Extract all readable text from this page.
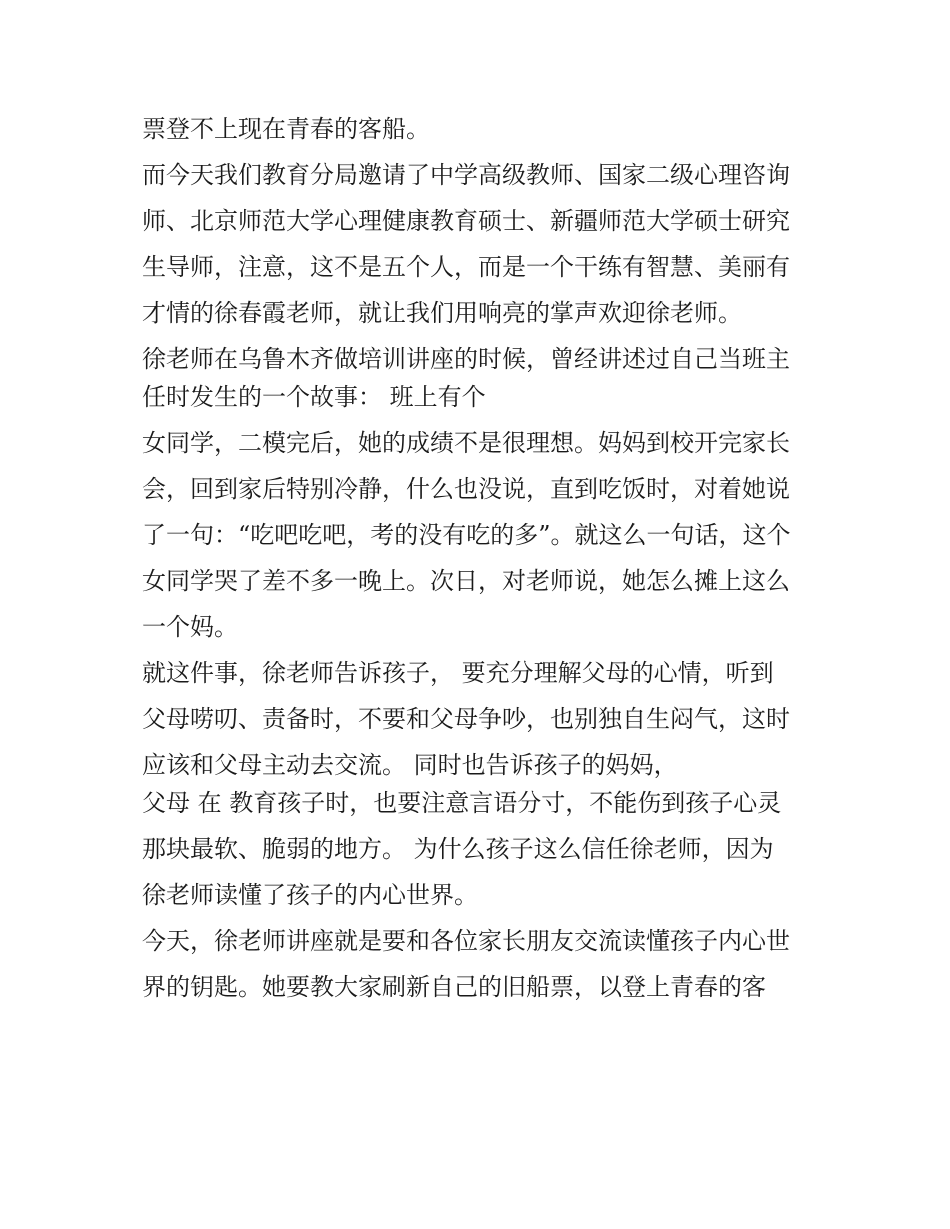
票登不上现在青春的客船。

而今天我们教育分局邀请了中学高级教师、国家二级心理咨询

师、北京师范大学心理健康教育硕士、新疆师范大学硕士研究

生导师，注意，这不是五个人，而是一个干练有智慧、美丽有

才情的徐春霞老师，就让我们用响亮的掌声欢迎徐老师。

徐老师在乌鲁木齐做培训讲座的时候，曾经讲述过自己当班主

任时发生的一个故事： 班上有个

女同学，二模完后，她的成绩不是很理想。妈妈到校开完家长

会，回到家后特别冷静，什么也没说，直到吃饭时，对着她说

了一句：“吃吧吃吧，考的没有吃的多”。就这么一句话，这个

女同学哭了差不多一晚上。次日，对老师说，她怎么摊上这么

一个妈。

就这件事，徐老师告诉孩子， 要充分理解父母的心情，听到

父母唠叨、责备时，不要和父母争吵，也别独自生闷气，这时

应该和父母主动去交流。 同时也告诉孩子的妈妈，

父母 在 教育孩子时，也要注意言语分寸，不能伤到孩子心灵

那块最软、脆弱的地方。 为什么孩子这么信任徐老师，因为

徐老师读懂了孩子的内心世界。

今天，徐老师讲座就是要和各位家长朋友交流读懂孩子内心世

界的钥匙。她要教大家刷新自己的旧船票，以登上青春的客
